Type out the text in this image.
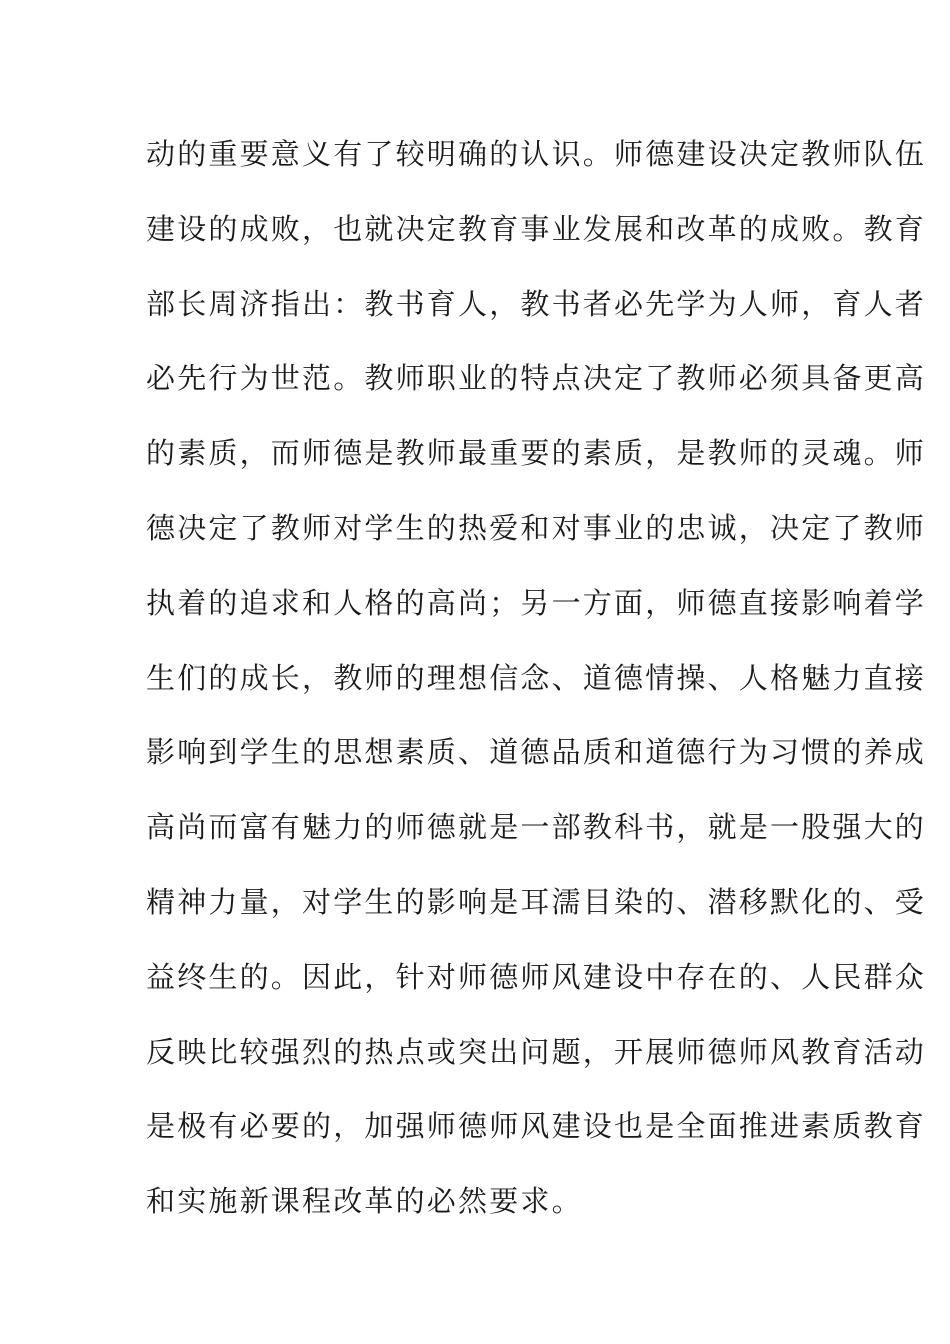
动的重要意义有了较明确的认识。师德建设决定教师队伍
建设的成败，也就决定教育事业发展和改革的成败。教育
部长周济指出：教书育人，教书者必先学为人师，育人者
必先行为世范。教师职业的特点决定了教师必须具备更高
的素质，而师德是教师最重要的素质，是教师的灵魂。师
德决定了教师对学生的热爱和对事业的忠诚，决定了教师
执着的追求和人格的高尚；另一方面，师德直接影响着学
生们的成长，教师的理想信念、道德情操、人格魅力直接
影响到学生的思想素质、道德品质和道德行为习惯的养成
高尚而富有魅力的师德就是一部教科书，就是一股强大的
精神力量，对学生的影响是耳濡目染的、潜移默化的、受
益终生的。因此，针对师德师风建设中存在的、人民群众
反映比较强烈的热点或突出问题，开展师德师风教育活动
是极有必要的，加强师德师风建设也是全面推进素质教育
和实施新课程改革的必然要求。
